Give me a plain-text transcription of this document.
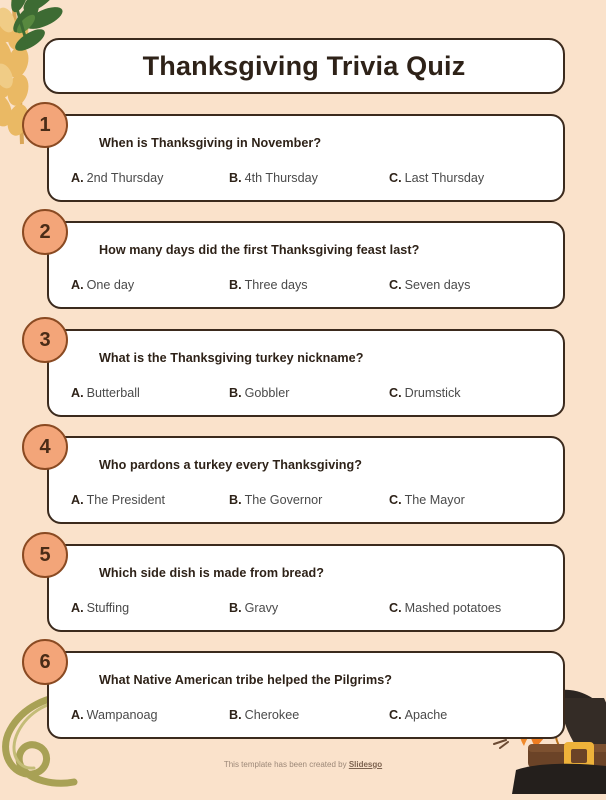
Thanksgiving Trivia Quiz
1
When is Thanksgiving in November?
A. 2nd Thursday	B. 4th Thursday	C. Last Thursday
2
How many days did the first Thanksgiving feast last?
A. One day	B. Three days	C. Seven days
3
What is the Thanksgiving turkey nickname?
A. Butterball	B. Gobbler	C. Drumstick
4
Who pardons a turkey every Thanksgiving?
A. The President	B. The Governor	C. The Mayor
5
Which side dish is made from bread?
A. Stuffing	B. Gravy	C. Mashed potatoes
6
What Native American tribe helped the Pilgrims?
A. Wampanoag	B. Cherokee	C. Apache
This template has been created by Slidesgo
